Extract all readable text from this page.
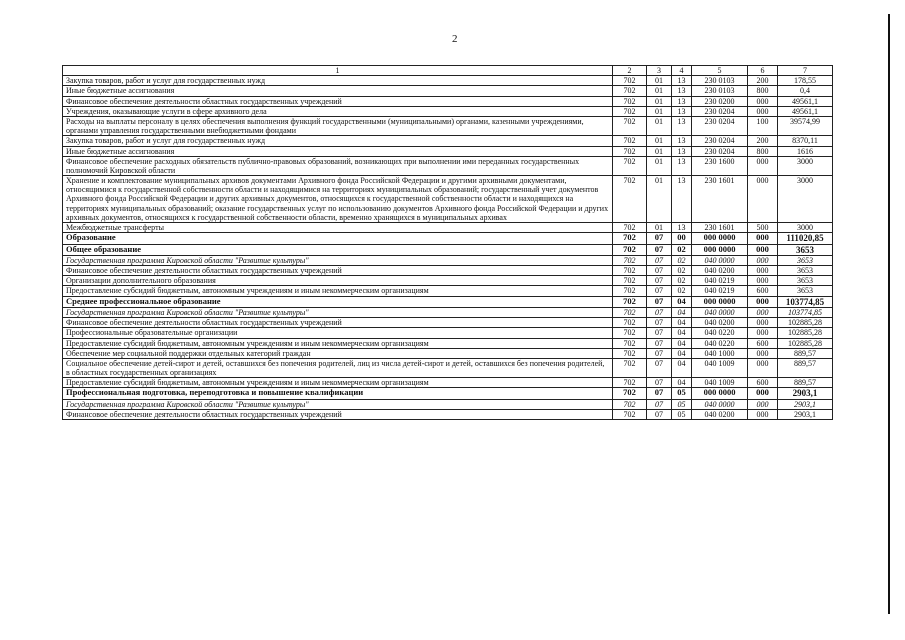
2
1	2	3	4	5	6	7
Закупка товаров, работ и услуг для государственных нужд	702	01	13	230 0103	200	178,55
Иные бюджетные ассигнования	702	01	13	230 0103	800	0,4
Финансовое обеспечение деятельности областных государственных учреждений	702	01	13	230 0200	000	49561,1
Учреждения, оказывающие услуги в сфере архивного дела	702	01	13	230 0204	000	49561,1
Расходы на выплаты персоналу в целях обеспечения выполнения функций государственными (муниципальными) органами, казенными учреждениями, органами управления государственными внебюджетными фондами	702	01	13	230 0204	100	39574,99
Закупка товаров, работ и услуг для государственных нужд	702	01	13	230 0204	200	8370,11
Иные бюджетные ассигнования	702	01	13	230 0204	800	1616
Финансовое обеспечение расходных обязательств публично-правовых образований, возникающих при выполнении ими переданных государственных полномочий Кировской области	702	01	13	230 1600	000	3000
Хранение и комплектование муниципальных архивов документами Архивного фонда Российской Федерации и другими архивными документами, относящимися к государственной собственности области и находящимися на территориях муниципальных образований; государственный учет документов Архивного фонда Российской Федерации и других архивных документов, относящихся к государственной собственности области и находящихся на территориях муниципальных образований; оказание государственных услуг по использованию документов Архивного фонда Российской Федерации и других архивных документов, относящихся к государственной собственности области, временно хранящихся в муниципальных архивах	702	01	13	230 1601	000	3000
Межбюджетные трансферты	702	01	13	230 1601	500	3000
Образование	702	07	00	000 0000	000	111020,85
Общее образование	702	07	02	000 0000	000	3653
Государственная программа Кировской области "Развитие культуры"	702	07	02	040 0000	000	3653
Финансовое обеспечение деятельности областных государственных учреждений	702	07	02	040 0200	000	3653
Организации дополнительного образования	702	07	02	040 0219	000	3653
Предоставление субсидий бюджетным, автономным учреждениям и иным некоммерческим организациям	702	07	02	040 0219	600	3653
Среднее профессиональное образование	702	07	04	000 0000	000	103774,85
Государственная программа Кировской области "Развитие культуры"	702	07	04	040 0000	000	103774,85
Финансовое обеспечение деятельности областных государственных учреждений	702	07	04	040 0200	000	102885,28
Профессиональные образовательные организации	702	07	04	040 0220	000	102885,28
Предоставление субсидий бюджетным, автономным учреждениям и иным некоммерческим организациям	702	07	04	040 0220	600	102885,28
Обеспечение мер социальной поддержки отдельных категорий граждан	702	07	04	040 1000	000	889,57
Социальное обеспечение детей-сирот и детей, оставшихся без попечения родителей, лиц из числа детей-сирот и детей, оставшихся без попечения родителей, в областных государственных организациях	702	07	04	040 1009	000	889,57
Предоставление субсидий бюджетным, автономным учреждениям и иным некоммерческим организациям	702	07	04	040 1009	600	889,57
Профессиональная подготовка, переподготовка и повышение квалификации	702	07	05	000 0000	000	2903,1
Государственная программа Кировской области "Развитие культуры"	702	07	05	040 0000	000	2903,1
Финансовое обеспечение деятельности областных государственных учреждений	702	07	05	040 0200	000	2903,1
